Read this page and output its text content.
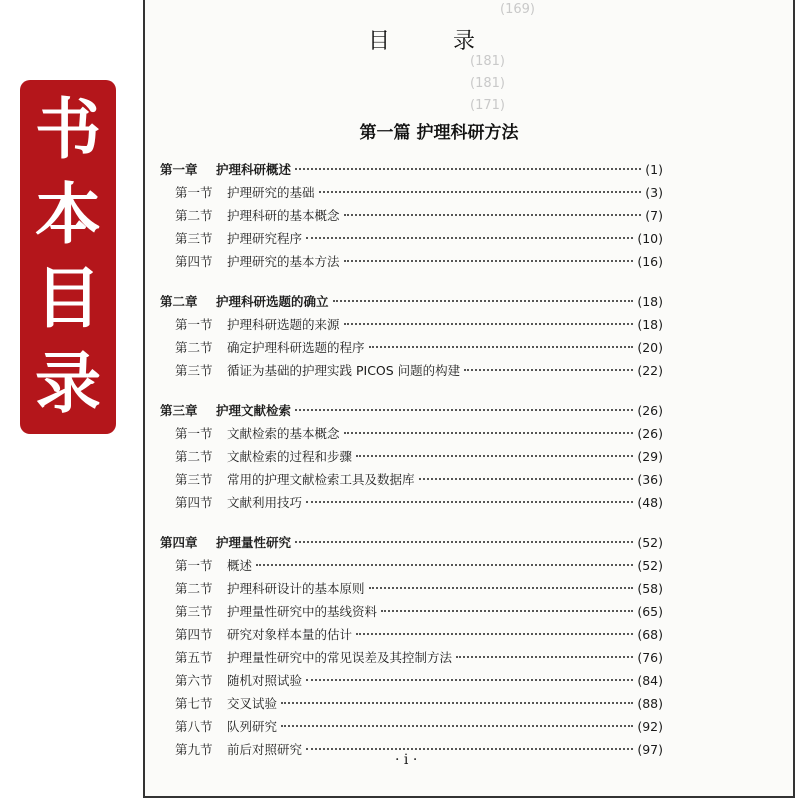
(169)
(181)
(181)
(171)
书
本
目
录
目 录
第一篇 护理科研方法
第一章	护理科研概述	(1)
第一节	护理研究的基础	(3)
第二节	护理科研的基本概念	(7)
第三节	护理研究程序	(10)
第四节	护理研究的基本方法	(16)
第二章	护理科研选题的确立	(18)
第一节	护理科研选题的来源	(18)
第二节	确定护理科研选题的程序	(20)
第三节	循证为基础的护理实践 PICOS 问题的构建	(22)
第三章	护理文献检索	(26)
第一节	文献检索的基本概念	(26)
第二节	文献检索的过程和步骤	(29)
第三节	常用的护理文献检索工具及数据库	(36)
第四节	文献利用技巧	(48)
第四章	护理量性研究	(52)
第一节	概述	(52)
第二节	护理科研设计的基本原则	(58)
第三节	护理量性研究中的基线资料	(65)
第四节	研究对象样本量的估计	(68)
第五节	护理量性研究中的常见误差及其控制方法	(76)
第六节	随机对照试验	(84)
第七节	交叉试验	(88)
第八节	队列研究	(92)
第九节	前后对照研究	(97)
· i ·
